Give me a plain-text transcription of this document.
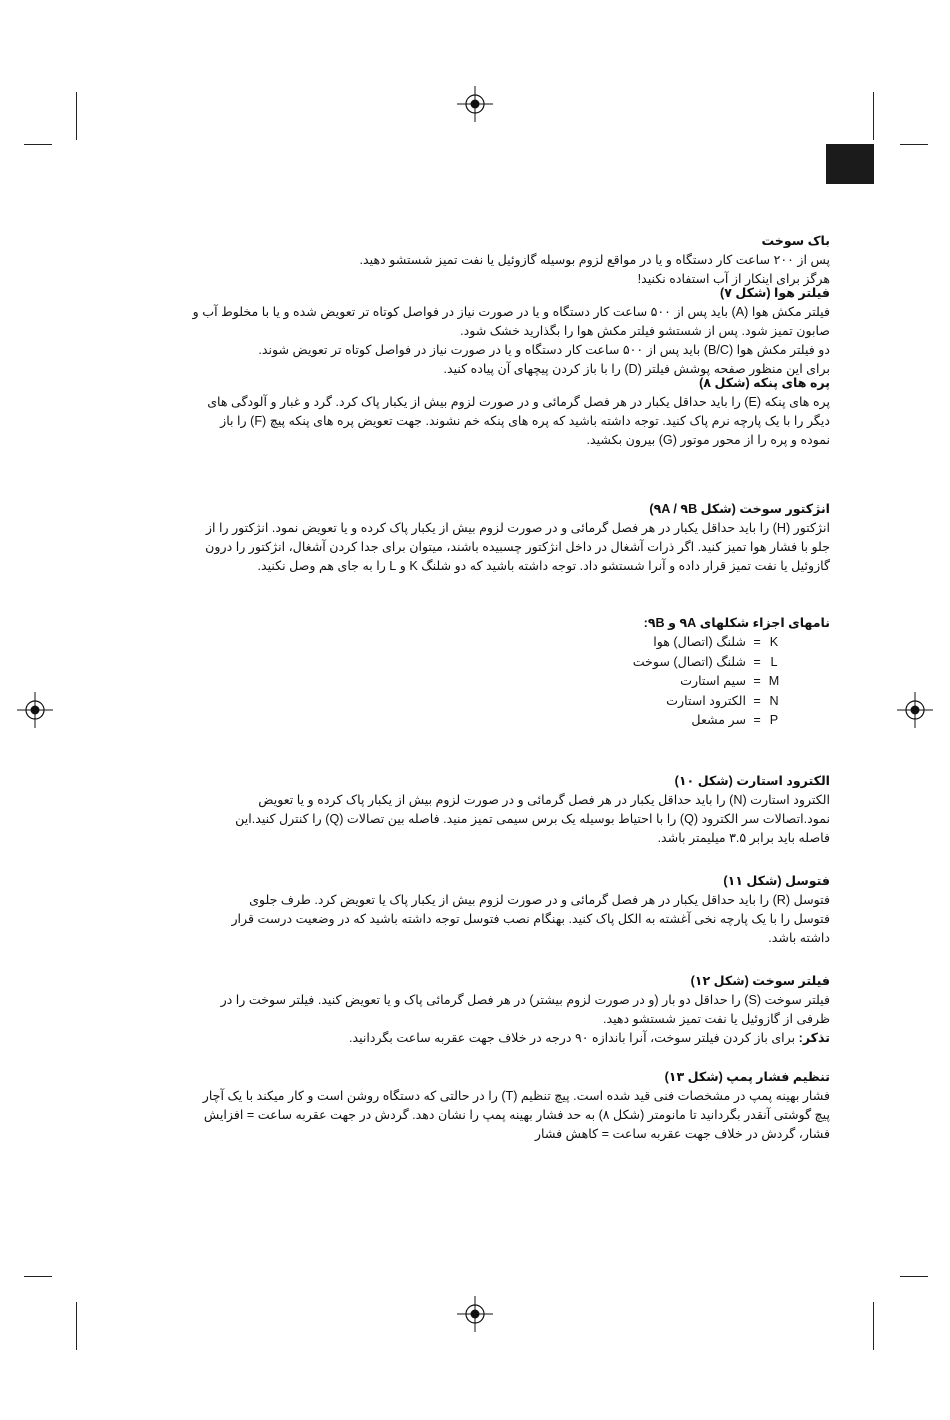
باک سوخت

پس از ۲۰۰ ساعت کار دستگاه و یا در مواقع لزوم بوسیله گازوئیل یا نفت تمیز شستشو دهید.

هرگز برای اینکار از آب استفاده نکنید!

فیلتر هوا (شکل ۷)

فیلتر مکش هوا (A) باید پس از ۵۰۰ ساعت کار دستگاه و یا در صورت نیاز در فواصل کوتاه تر تعویض شده و یا با مخلوط آب و صابون تمیز شود. پس از شستشو فیلتر مکش هوا را بگذارید خشک شود.

دو فیلتر مکش هوا (B/C) باید پس از ۵۰۰ ساعت کار دستگاه و یا در صورت نیاز در فواصل کوتاه تر تعویض شوند. برای این منظور صفحه پوشش فیلتر (D) را با باز کردن پیچهای آن پیاده کنید.

پره های پنکه (شکل ۸)

پره های پنکه (E) را باید حداقل یکبار در هر فصل گرمائی و در صورت لزوم بیش از یکبار پاک کرد. گرد و غبار و آلودگی های دیگر را با یک پارچه نرم پاک کنید. توجه داشته باشید که پره های پنکه خم نشوند. جهت تعویض پره های پنکه پیچ (F) را باز نموده و پره را از محور موتور (G) بیرون بکشید.

انژکتور سوخت (شکل ۹A / ۹B)

انژکتور (H) را باید حداقل یکبار در هر فصل گرمائی و در صورت لزوم بیش از یکبار پاک کرده و یا تعویض نمود. انژکتور را از جلو با فشار هوا تمیز کنید. اگر ذرات آشغال در داخل انژکتور چسبیده باشند، میتوان برای جدا کردن آشغال، انژکتور را درون گازوئیل یا نفت تمیز قرار داده و آنرا شستشو داد. توجه داشته باشید که دو شلنگ K و L را به جای هم وصل نکنید.

نامهای اجزاء شکلهای ۹A و ۹B:
K
=
شلنگ (اتصال) هوا
L
=
شلنگ (اتصال) سوخت
M
=
سیم استارت
N
=
الکترود استارت
P
=
سر مشعل
الکترود استارت (شکل ۱۰)

الکترود استارت (N) را باید حداقل یکبار در هر فصل گرمائی و در صورت لزوم بیش از یکبار پاک کرده و یا تعویض نمود.اتصالات سر الکترود (Q) را با احتیاط بوسیله یک برس سیمی تمیز منید. فاصله بین تصالات (Q) را کنترل کنید.این فاصله باید برابر ۳.۵ میلیمتر باشد.

فتوسل (شکل ۱۱)

فتوسل (R) را باید حداقل یکبار در هر فصل گرمائی و در صورت لزوم بیش از یکبار پاک یا تعویض کرد. طرف جلوی فتوسل را با یک پارچه نخی آغشته به الکل پاک کنید. بهنگام نصب فتوسل توجه داشته باشید که در وضعیت درست قرار داشته باشد.

فیلتر سوخت (شکل ۱۲)

فیلتر سوخت (S) را حداقل دو بار (و در صورت لزوم بیشتر) در هر فصل گرمائی پاک و یا تعویض کنید. فیلتر سوخت را در ظرفی از گازوئیل یا نفت تمیز شستشو دهید.

تذکر: برای باز کردن فیلتر سوخت، آنرا باندازه ۹۰ درجه در خلاف جهت عقربه ساعت بگردانید.

تنظیم فشار پمپ (شکل ۱۳)

فشار بهینه پمپ در مشخصات فنی قید شده است. پیچ تنظیم (T) را در حالتی که دستگاه روشن است و کار میکند با یک آچار پیچ گوشتی آنقدر بگردانید تا مانومتر (شکل ۸) به حد فشار بهینه پمپ را نشان دهد. گردش در جهت عقربه ساعت = افزایش فشار، گردش در خلاف جهت عقربه ساعت = کاهش فشار
